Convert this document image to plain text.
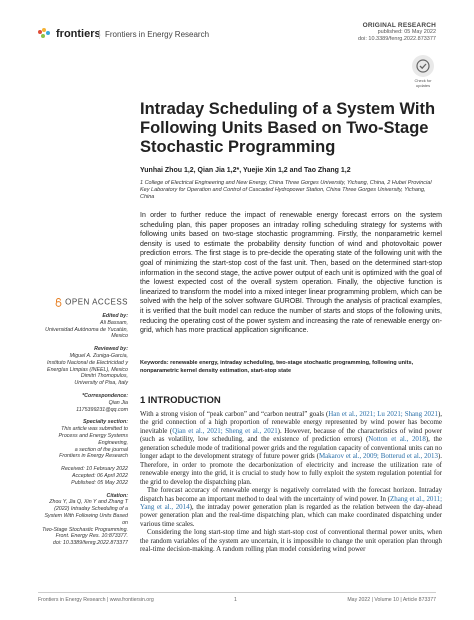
frontiers Frontiers in Energy Research
ORIGINAL RESEARCH
published: 05 May 2022
doi: 10.3389/fenrg.2022.873377
Check for
updates
Intraday Scheduling of a System With Following Units Based on Two-Stage Stochastic Programming
Yunhai Zhou 1,2, Qian Jia 1,2*, Yuejie Xin 1,2 and Tao Zhang 1,2
1 College of Electrical Engineering and New Energy, China Three Gorges University, Yichang, China, 2 Hubei Provincial Key Laboratory for Operation and Control of Cascaded Hydropower Station, China Three Gorges University, Yichang, China
In order to further reduce the impact of renewable energy forecast errors on the system scheduling plan, this paper proposes an intraday rolling scheduling strategy for systems with following units based on two-stage stochastic programming. Firstly, the nonparametric kernel density is used to estimate the probability density function of wind and photovoltaic power prediction errors. The first stage is to pre-decide the operating state of the following unit with the goal of minimizing the start-stop cost of the fast unit. Then, based on the determined start-stop information in the second stage, the active power output of each unit is optimized with the goal of the lowest expected cost of the overall system operation. Finally, the objective function is linearized to transform the model into a mixed integer linear programming problem, which can be solved with the help of the solver software GUROBI. Through the analysis of practical examples, it is verified that the built model can reduce the number of starts and stops of the following units, reducing the operating cost of the power system and increasing the rate of renewable energy on-grid, which has more practical application significance.
Keywords: renewable energy, intraday scheduling, two-stage stochastic programming, following units, nonparametric kernel density estimation, start-stop state
OPEN ACCESS
Edited by:
Ali Bassam,
Universidad Autónoma de Yucatán,
Mexico
Reviewed by:
Miguel A. Zuniga-Garcia,
Instituto Nacional de Electricidad y
Energías Limpias (INEEL), Mexico
Dimitri Thomopulos,
University of Pisa, Italy
*Correspondence:
Qian Jia
1175399231@qq.com
Specialty section:
This article was submitted to
Process and Energy Systems
Engineering,
a section of the journal
Frontiers in Energy Research
Received: 10 February 2022
Accepted: 06 April 2022
Published: 05 May 2022
Citation:
Zhou Y, Jia Q, Xin Y and Zhang T
(2022) Intraday Scheduling of a
System With Following Units Based on
Two-Stage Stochastic Programming.
Front. Energy Res. 10:873377.
doi: 10.3389/fenrg.2022.873377
1 INTRODUCTION

With a strong vision of “peak carbon” and “carbon neutral” goals (Han et al., 2021; Lu 2021; Shang 2021), the grid connection of a high proportion of renewable energy represented by wind power has become inevitable (Qian et al., 2021; Sheng et al., 2021). However, because of the characteristics of wind power (such as volatility, low scheduling, and the existence of prediction errors) (Notton et al., 2018), the generation schedule mode of traditional power grids and the regulation capacity of conventional units can no longer adapt to the development strategy of future power grids (Makarov et al., 2009; Botterud et al., 2013). Therefore, in order to promote the decarbonization of electricity and increase the utilization rate of renewable energy into the grid, it is crucial to study how to fully exploit the system regulation potential for the grid to develop the dispatching plan.

The forecast accuracy of renewable energy is negatively correlated with the forecast horizon. Intraday dispatch has become an important method to deal with the uncertainty of wind power. In (Zhang et al., 2011; Yang et al., 2014), the intraday power generation plan is regarded as the relation between the day-ahead power generation plan and the real-time dispatching plan, which can make coordinated dispatching under various time scales.

Considering the long start-stop time and high start-stop cost of conventional thermal power units, when the random variables of the system are uncertain, it is impossible to change the unit operation plan through real-time decision-making. A random rolling plan model considering wind power

Frontiers in Energy Research | www.frontiersin.org	1	May 2022 | Volume 10 | Article 873377
